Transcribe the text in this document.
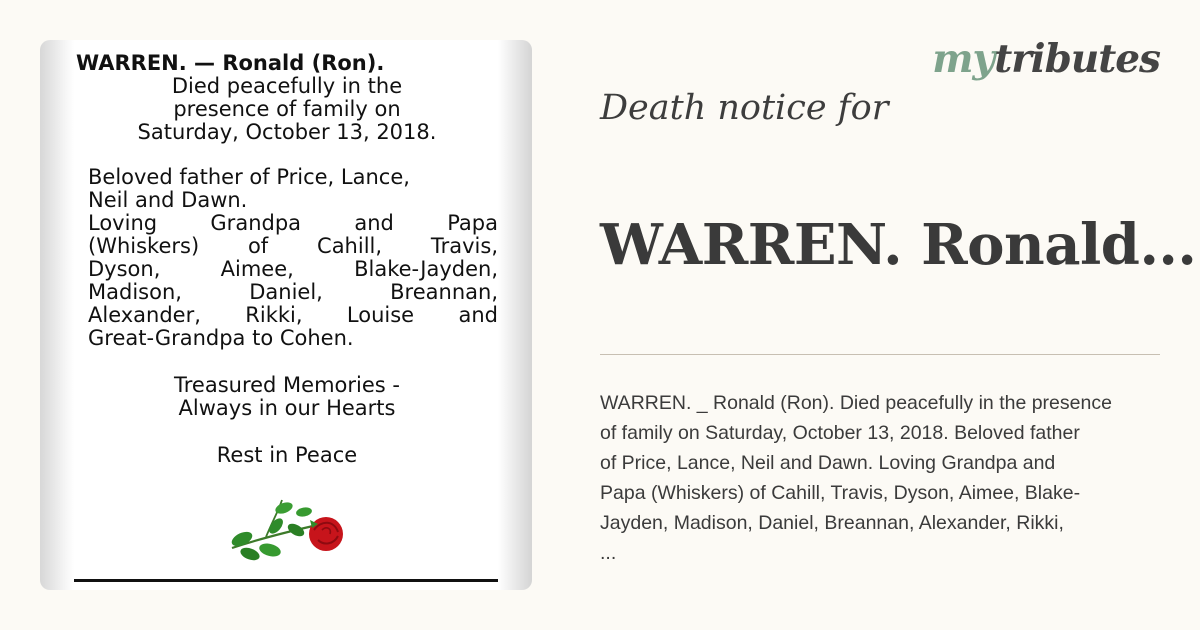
WARREN. — Ronald (Ron).
Died peacefully in the
presence of family on
Saturday, October 13, 2018.
Beloved father of Price, Lance,
Neil and Dawn.
Loving Grandpa and Papa
(Whiskers) of Cahill, Travis,
Dyson, Aimee, Blake-Jayden,
Madison, Daniel, Breannan,
Alexander, Rikki, Louise and
Great-Grandpa to Cohen.
Treasured Memories -
Always in our Hearts
Rest in Peace
mytributes
Death notice for
WARREN. Ronald...
WARREN. _ Ronald (Ron). Died peacefully in the presence
of family on Saturday, October 13, 2018. Beloved father
of Price, Lance, Neil and Dawn. Loving Grandpa and
Papa (Whiskers) of Cahill, Travis, Dyson, Aimee, Blake-
Jayden, Madison, Daniel, Breannan, Alexander, Rikki,
...
